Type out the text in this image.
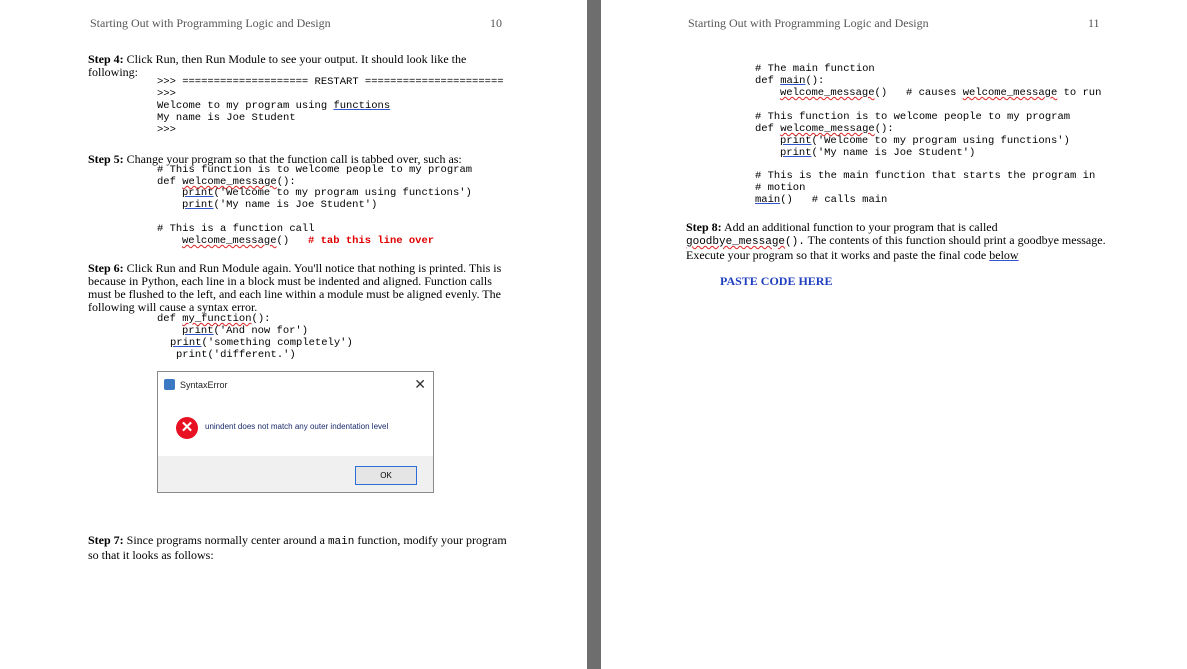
Starting Out with Programming Logic and Design	10
Step 4: Click Run, then Run Module to see your output. It should look like the
following:
>>> ==================== RESTART ======================
>>>
Welcome to my program using functions
My name is Joe Student
>>>
Step 5: Change your program so that the function call is tabbed over, such as:
# This function is to welcome people to my program
def welcome_message():
print('Welcome to my program using functions')
print('My name is Joe Student')
# This is a function call
welcome_message() # tab this line over
Step 6: Click Run and Run Module again. You'll notice that nothing is printed. This is
because in Python, each line in a block must be indented and aligned. Function calls
must be flushed to the left, and each line within a module must be aligned evenly. The
following will cause a syntax error.
def my_function():
print('And now for')
print('something completely')
print('different.')
SyntaxError	✕
✕	unindent does not match any outer indentation level
OK
Step 7: Since programs normally center around a main function, modify your program
so that it looks as follows:
Starting Out with Programming Logic and Design	11
# The main function
def main():
welcome_message() # causes welcome_message to run
# This function is to welcome people to my program
def welcome_message():
print('Welcome to my program using functions')
print('My name is Joe Student')
# This is the main function that starts the program in
# motion
main() # calls main
Step 8: Add an additional function to your program that is called
goodbye_message(). The contents of this function should print a goodbye message.
Execute your program so that it works and paste the final code below
PASTE CODE HERE
